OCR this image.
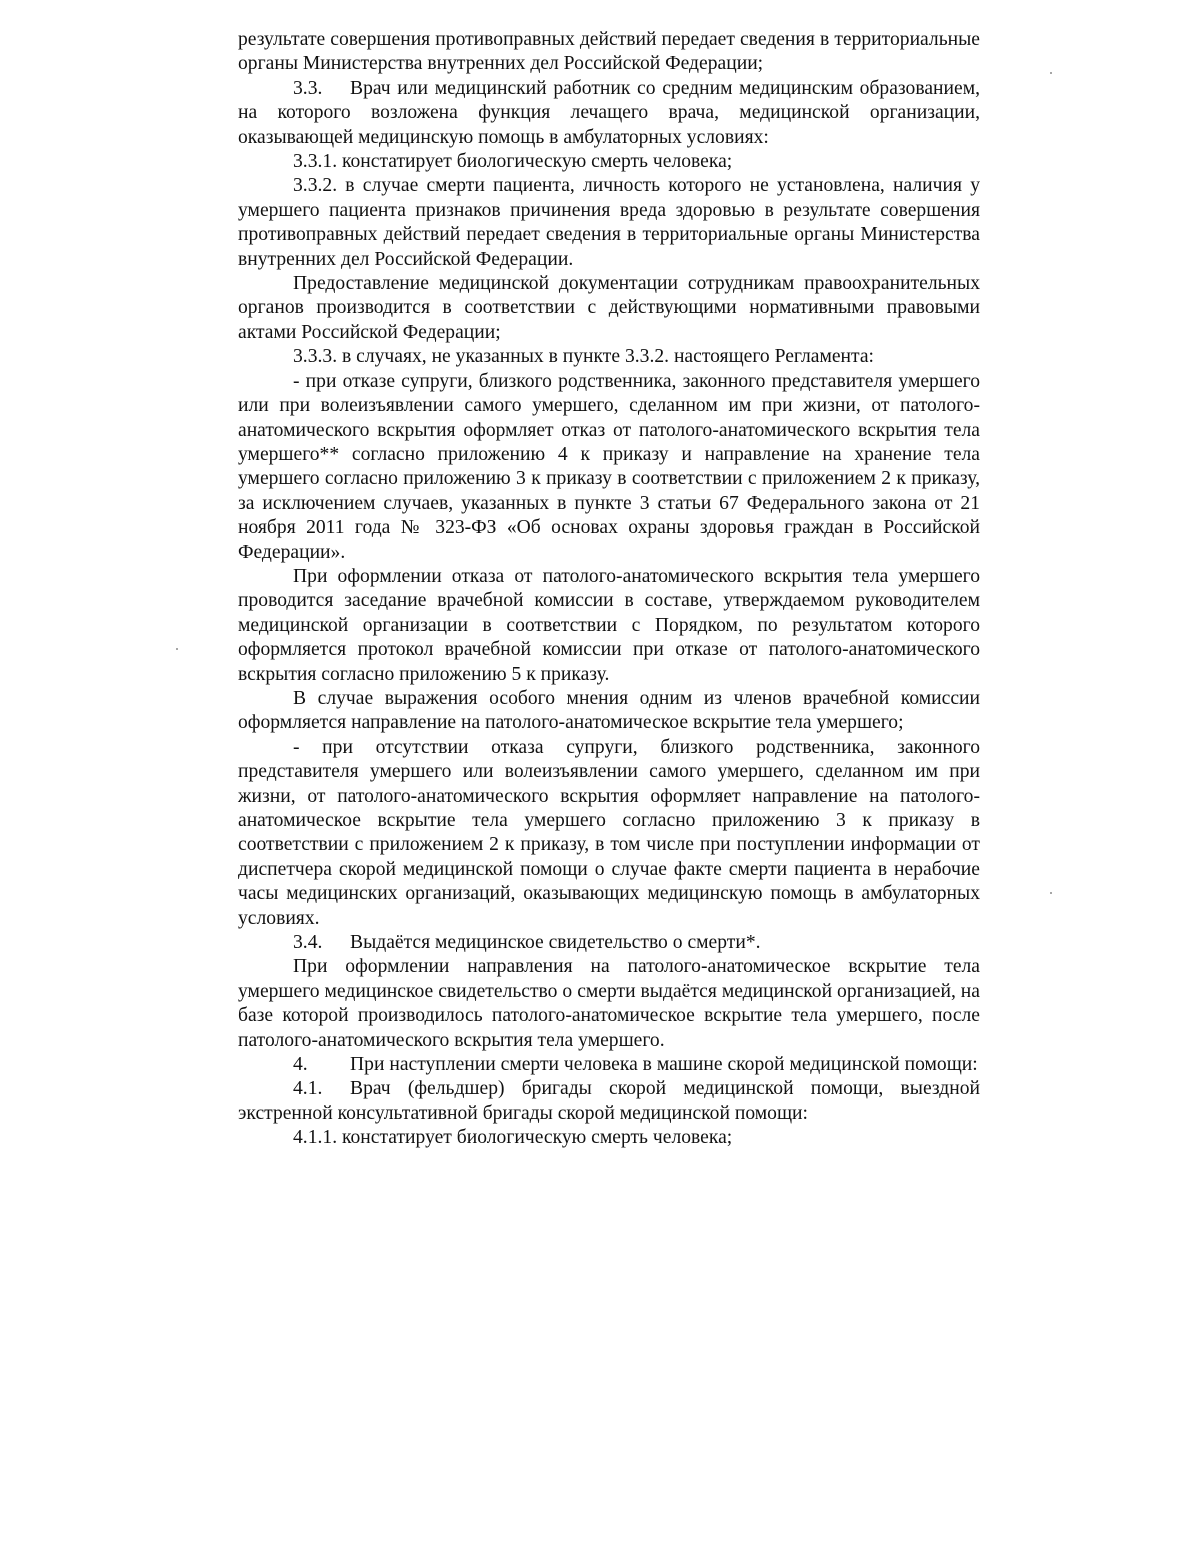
результате совершения противоправных действий передает сведения в территориальные органы Министерства внутренних дел Российской Федерации;

3.3. Врач или медицинский работник со средним медицинским образованием, на которого возложена функция лечащего врача, медицинской организации, оказывающей медицинскую помощь в амбулаторных условиях:

3.3.1. констатирует биологическую смерть человека;

3.3.2. в случае смерти пациента, личность которого не установлена, наличия у умершего пациента признаков причинения вреда здоровью в результате совершения противоправных действий передает сведения в территориальные органы Министерства внутренних дел Российской Федерации.

Предоставление медицинской документации сотрудникам правоохранительных органов производится в соответствии с действующими нормативными правовыми актами Российской Федерации;

3.3.3. в случаях, не указанных в пункте 3.3.2. настоящего Регламента:

- при отказе супруги, близкого родственника, законного представителя умершего или при волеизъявлении самого умершего, сделанном им при жизни, от патолого-анатомического вскрытия оформляет отказ от патолого-анатомического вскрытия тела умершего** согласно приложению 4 к приказу и направление на хранение тела умершего согласно приложению 3 к приказу в соответствии с приложением 2 к приказу, за исключением случаев, указанных в пункте 3 статьи 67 Федерального закона от 21 ноября 2011 года № 323-ФЗ «Об основах охраны здоровья граждан в Российской Федерации».

При оформлении отказа от патолого-анатомического вскрытия тела умершего проводится заседание врачебной комиссии в составе, утверждаемом руководителем медицинской организации в соответствии с Порядком, по результатом которого оформляется протокол врачебной комиссии при отказе от патолого-анатомического вскрытия согласно приложению 5 к приказу.

В случае выражения особого мнения одним из членов врачебной комиссии оформляется направление на патолого-анатомическое вскрытие тела умершего;

- при отсутствии отказа супруги, близкого родственника, законного представителя умершего или волеизъявлении самого умершего, сделанном им при жизни, от патолого-анатомического вскрытия оформляет направление на патолого-анатомическое вскрытие тела умершего согласно приложению 3 к приказу в соответствии с приложением 2 к приказу, в том числе при поступлении информации от диспетчера скорой медицинской помощи о случае факте смерти пациента в нерабочие часы медицинских организаций, оказывающих медицинскую помощь в амбулаторных условиях.

3.4. Выдаётся медицинское свидетельство о смерти*.

При оформлении направления на патолого-анатомическое вскрытие тела умершего медицинское свидетельство о смерти выдаётся медицинской организацией, на базе которой производилось патолого-анатомическое вскрытие тела умершего, после патолого-анатомического вскрытия тела умершего.

4. При наступлении смерти человека в машине скорой медицинской помощи:

4.1. Врач (фельдшер) бригады скорой медицинской помощи, выездной экстренной консультативной бригады скорой медицинской помощи:

4.1.1. констатирует биологическую смерть человека;
